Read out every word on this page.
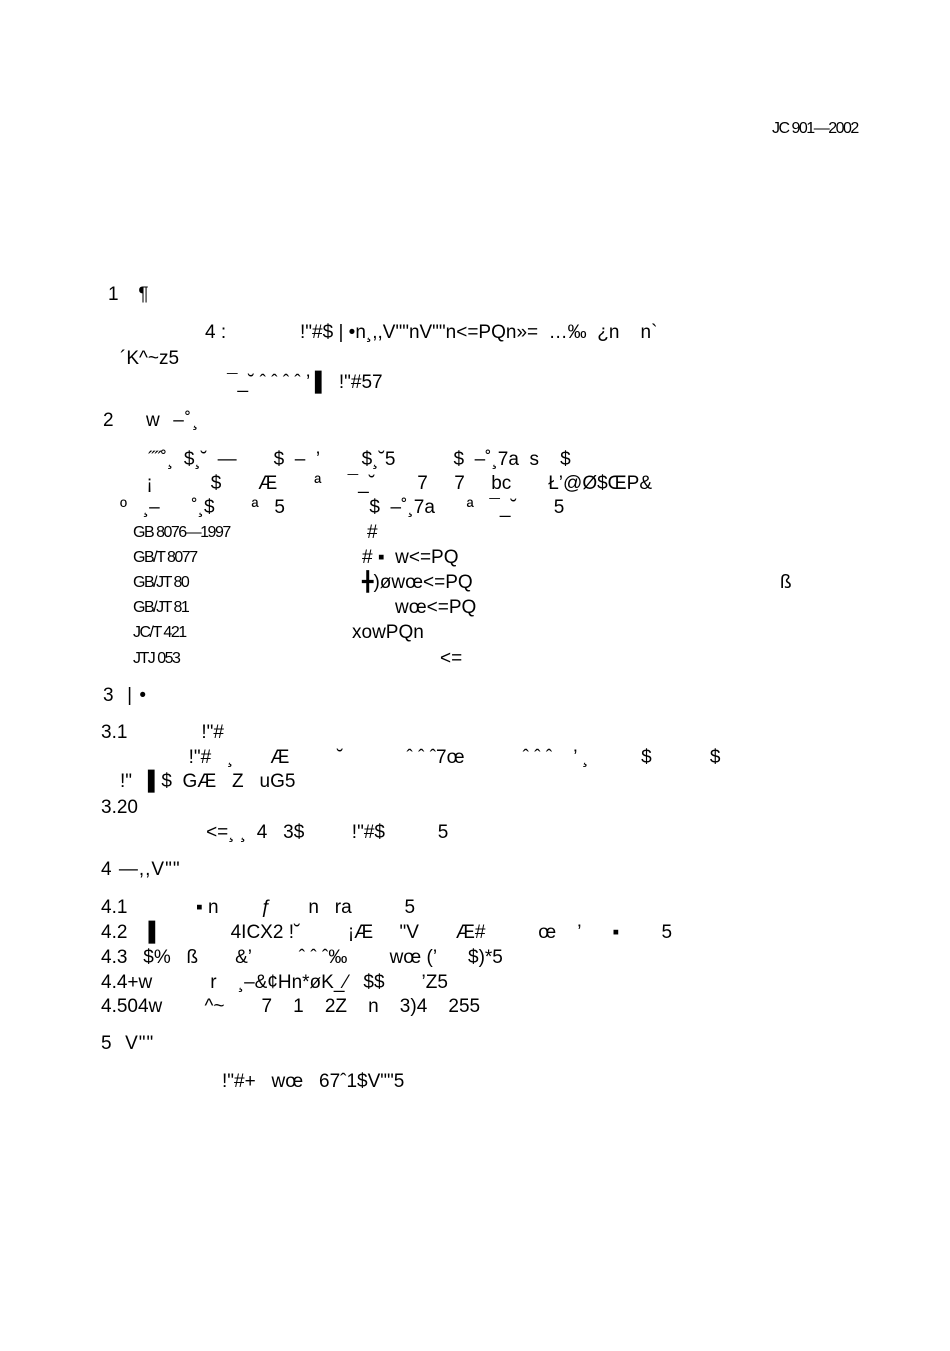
JC 901—2002
1   ¶
4 :              !"#$ | •n¸,,V""nV""n<=PQn»=  …‰  ¿n    n`
´K^~z5
¯_˘ ˆ ˆ ˆ ˆ ’ ▌  !"#57
2     w  –˚¸
˝˝˚¸  $¸˘  —       $  –  ’        $¸˘5           $  –˚¸7a  s    $
¡           $       Æ       ª     ¯_˘        7     7     bc       Ł’@Ø$ŒP&
º   ¸–      ˚¸$       ª   5                $  –˚¸7a      ª   ¯_˘       5
GB 8076—1997	#
GB/T 8077	# ▪  w<=PQ
GB/JT 80	╋)øwœ<=PQ	ß
GB/JT 81	wœ<=PQ
JC/T 421	xowPQn
JTJ 053	<=
3  | •
3.1              !"#
!"#   ¸       Æ         ˘            ˆ ˆ ˆ7œ           ˆ ˆ ˆ    ’ ¸          $           $
!"   ▌$  GÆ   Z   uG5
3.20
<=¸ ¸  4   3$         !"#$          5
4 —,,V""
4.1             ▪ n        ƒ       n   ra          5
4.2    ▌             4ICX2 !˘         ¡Æ     "V       Æ#          œ    ’      ▪        5
4.3   $%   ß       &’         ˆ ˆ ˆ‰        wœ (’      $)*5
4.4+w           r    ¸–&¢Hn*øK_⁄   $$       ’Z5
4.504w        ^~       7    1    2Z    n    3)4    255
5  V""
!"#+   wœ   67ˆ1$V""5
